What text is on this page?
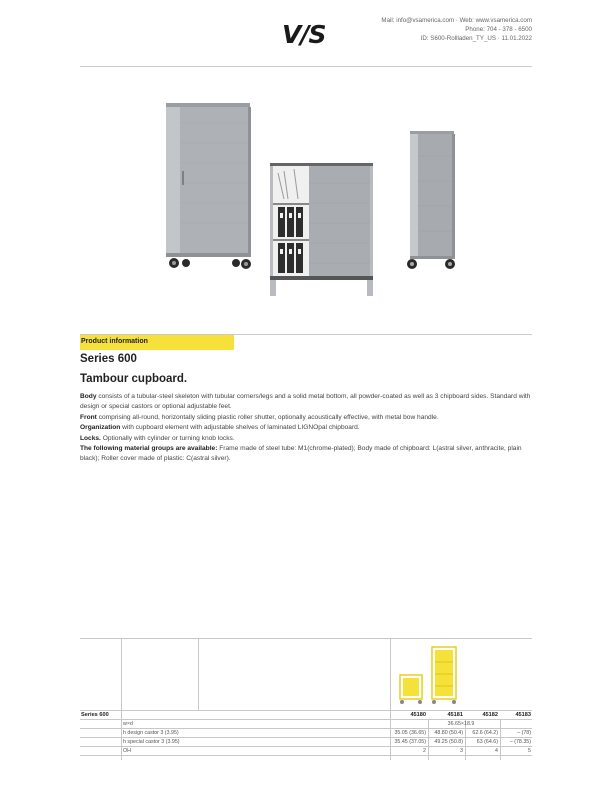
V/S	Mail: info@vsamerica.com · Web: www.vsamerica.com
Phone: 704 - 378 - 6500
ID: S600-Rollladen_TY_US · 11.01.2022
Product information
Series 600
Tambour cupboard.

Body consists of a tubular-steel skeleton with tubular corners/legs and a solid metal bottom, all powder-coated as well as 3 chipboard sides. Standard with design or special castors or optional adjustable feet.

Front comprising all-round, horizontally sliding plastic roller shutter, optionally acoustically effective, with metal bow handle.

Organization with cupboard element with adjustable shelves of laminated LIGNOpal chipboard.

Locks. Optionally with cylinder or turning knob locks.

The following material groups are available: Frame made of steel tube: M1(chrome-plated); Body made of chipboard: L(astral silver, anthracite, plain black); Roller cover made of plastic: C(astral silver).

Series 600	45180	45181	45182	45183
w×d	36.65×18.9
h design castor 3 (3.95)	35.05 (36.65)	48.80 (50.4)	62.6 (64.2)	– (78)
h special castor 3 (3.95)	35.45 (37.05)	49.25 (50.8)	63 (64.6)	– (78.35)
OH	2	3	4	5
